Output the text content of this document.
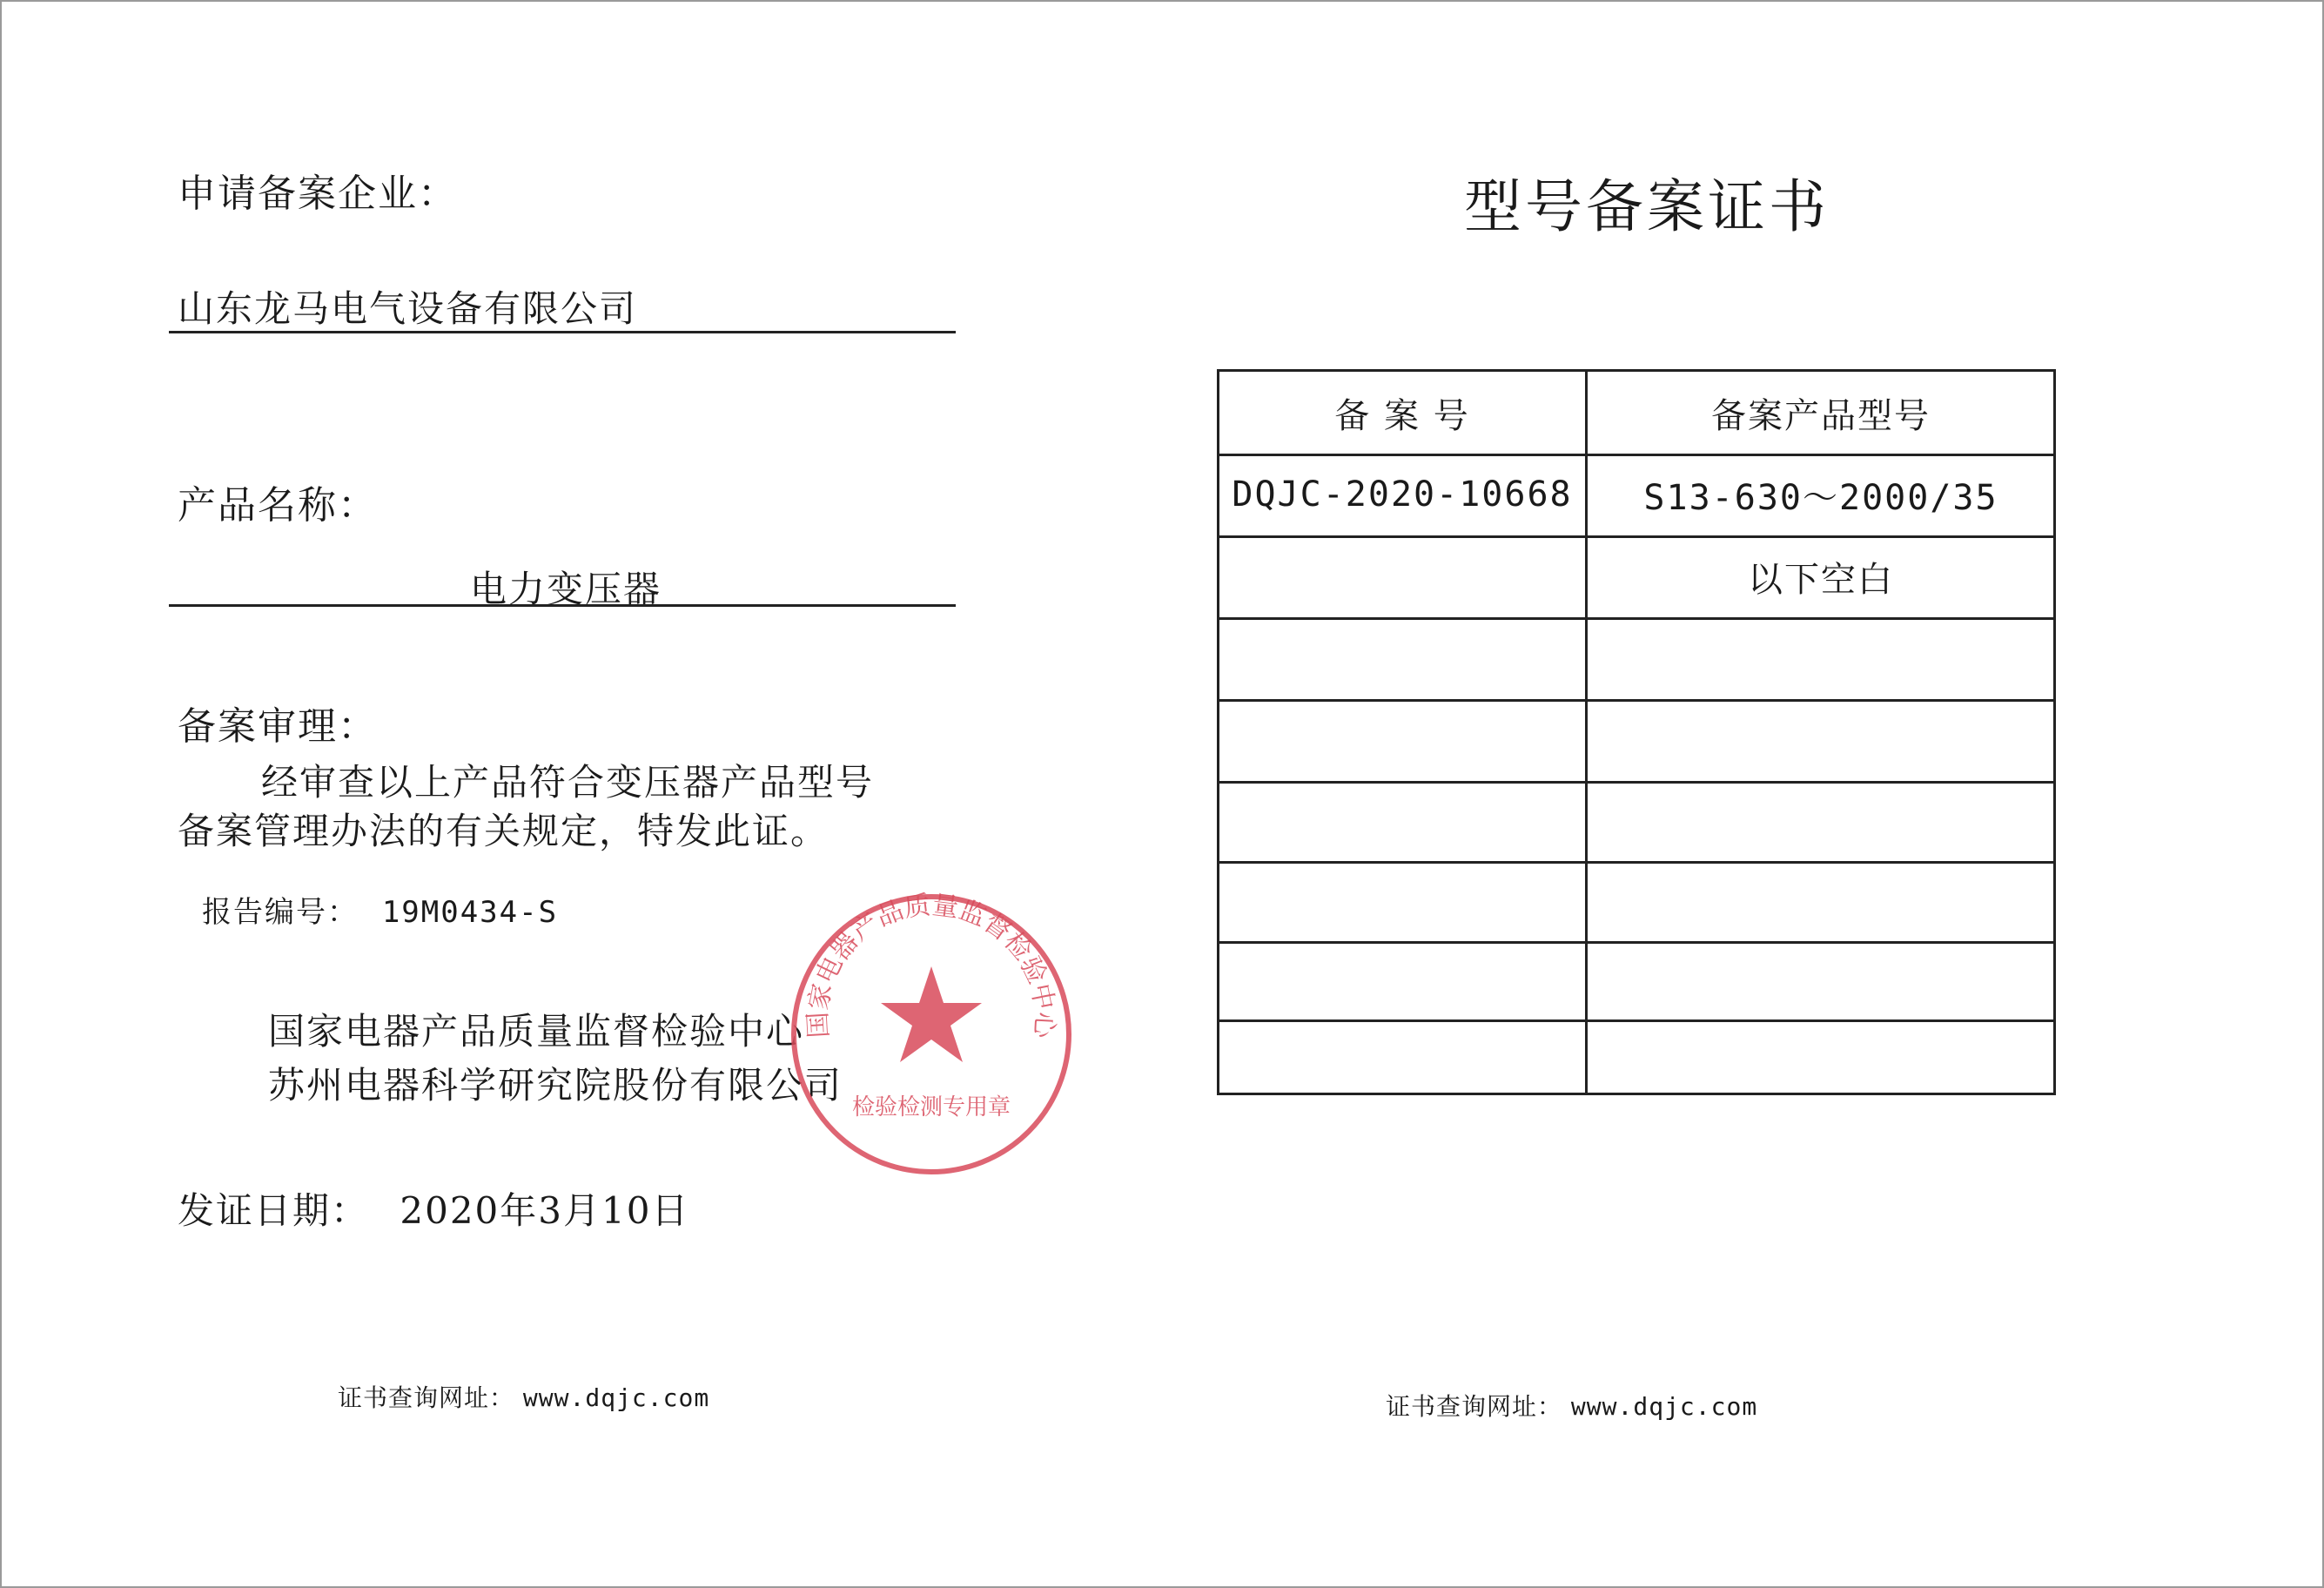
申请备案企业：
山东龙马电气设备有限公司
产品名称：
电力变压器
备案审理：
经审查以上产品符合变压器产品型号
备案管理办法的有关规定，特发此证。
报告编号： 19M0434-S
国家电器产品质量监督检验中心
苏州电器科学研究院股份有限公司
发证日期： 2020年3月10日
证书查询网址： www.dqjc.com
国家电器产品质量监督检验中心
检验检测专用章
型号备案证书
备 案 号	备案产品型号
DQJC-2020-10668	S13-630～2000/35
以下空白
证书查询网址： www.dqjc.com
